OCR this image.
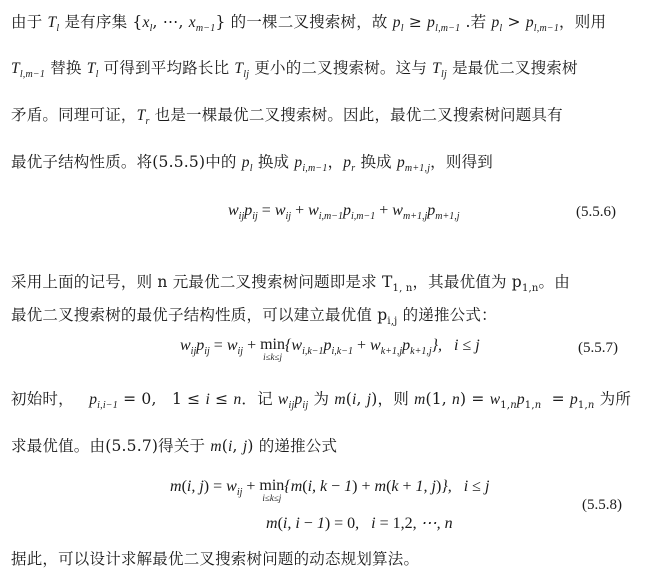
由于 $T_l$ 是有序集 {$x_l$, ⋯, $x_{m-1}$} 的一棵二叉搜索树，故 $p_l \ge p_{l,m-1}$ .若 $p_l > p_{l,m-1}$，则用
$T_{l,m-1}$ 替换 $T_l$ 可得到平均路长比 $T_{lj}$ 更小的二叉搜索树。这与 $T_{lj}$ 是最优二叉搜索树
矛盾。同理可证，$T_r$ 也是一棵最优二叉搜索树。因此，最优二叉搜索树问题具有
最优子结构性质。将(5.5.5)中的 $p_l$ 换成 $p_{i,m-1}$，$p_r$ 换成 $p_{m+1,j}$，则得到
$w_{ij}p_{ij} = w_{ij} + w_{i,m-1}p_{i,m-1} + w_{m+1,j}p_{m+1,j}$	(5.5.6)
采用上面的记号，则 n 元最优二叉搜索树问题即是求 $T_{1, n}$，其最优值为 $p_{1,n}$。由
最优二叉搜索树的最优子结构性质，可以建立最优值 $p_{i,j}$ 的递推公式：
$w_{ij}p_{ij} = w_{ij} + \min$
i≤k≤j
$\{w_{i,k-1}p_{i,k-1} + w_{k+1,j}p_{k+1,j}\}$,   i ≤ j	(5.5.7)
初始时，   $p_{i,i-1} = 0$,   1 ≤ i ≤ n．记 $w_{ij}p_{ij}$ 为 m(i, j)，则 m(1, $n) = w_{1,n}p_{1,n} = p_{1,n}$ 为所
求最优值。由(5.5.7)得关于 m(i, j) 的递推公式
m(i, $j) = w_{ij} + \min$
i≤k≤j
{m(i, k − 1) + m(k + 1, j)},   i ≤ j
m(i, i − 1) = 0,   i = 1,2, ⋯, n
(5.5.8)
据此，可以设计求解最优二叉搜索树问题的动态规划算法。
